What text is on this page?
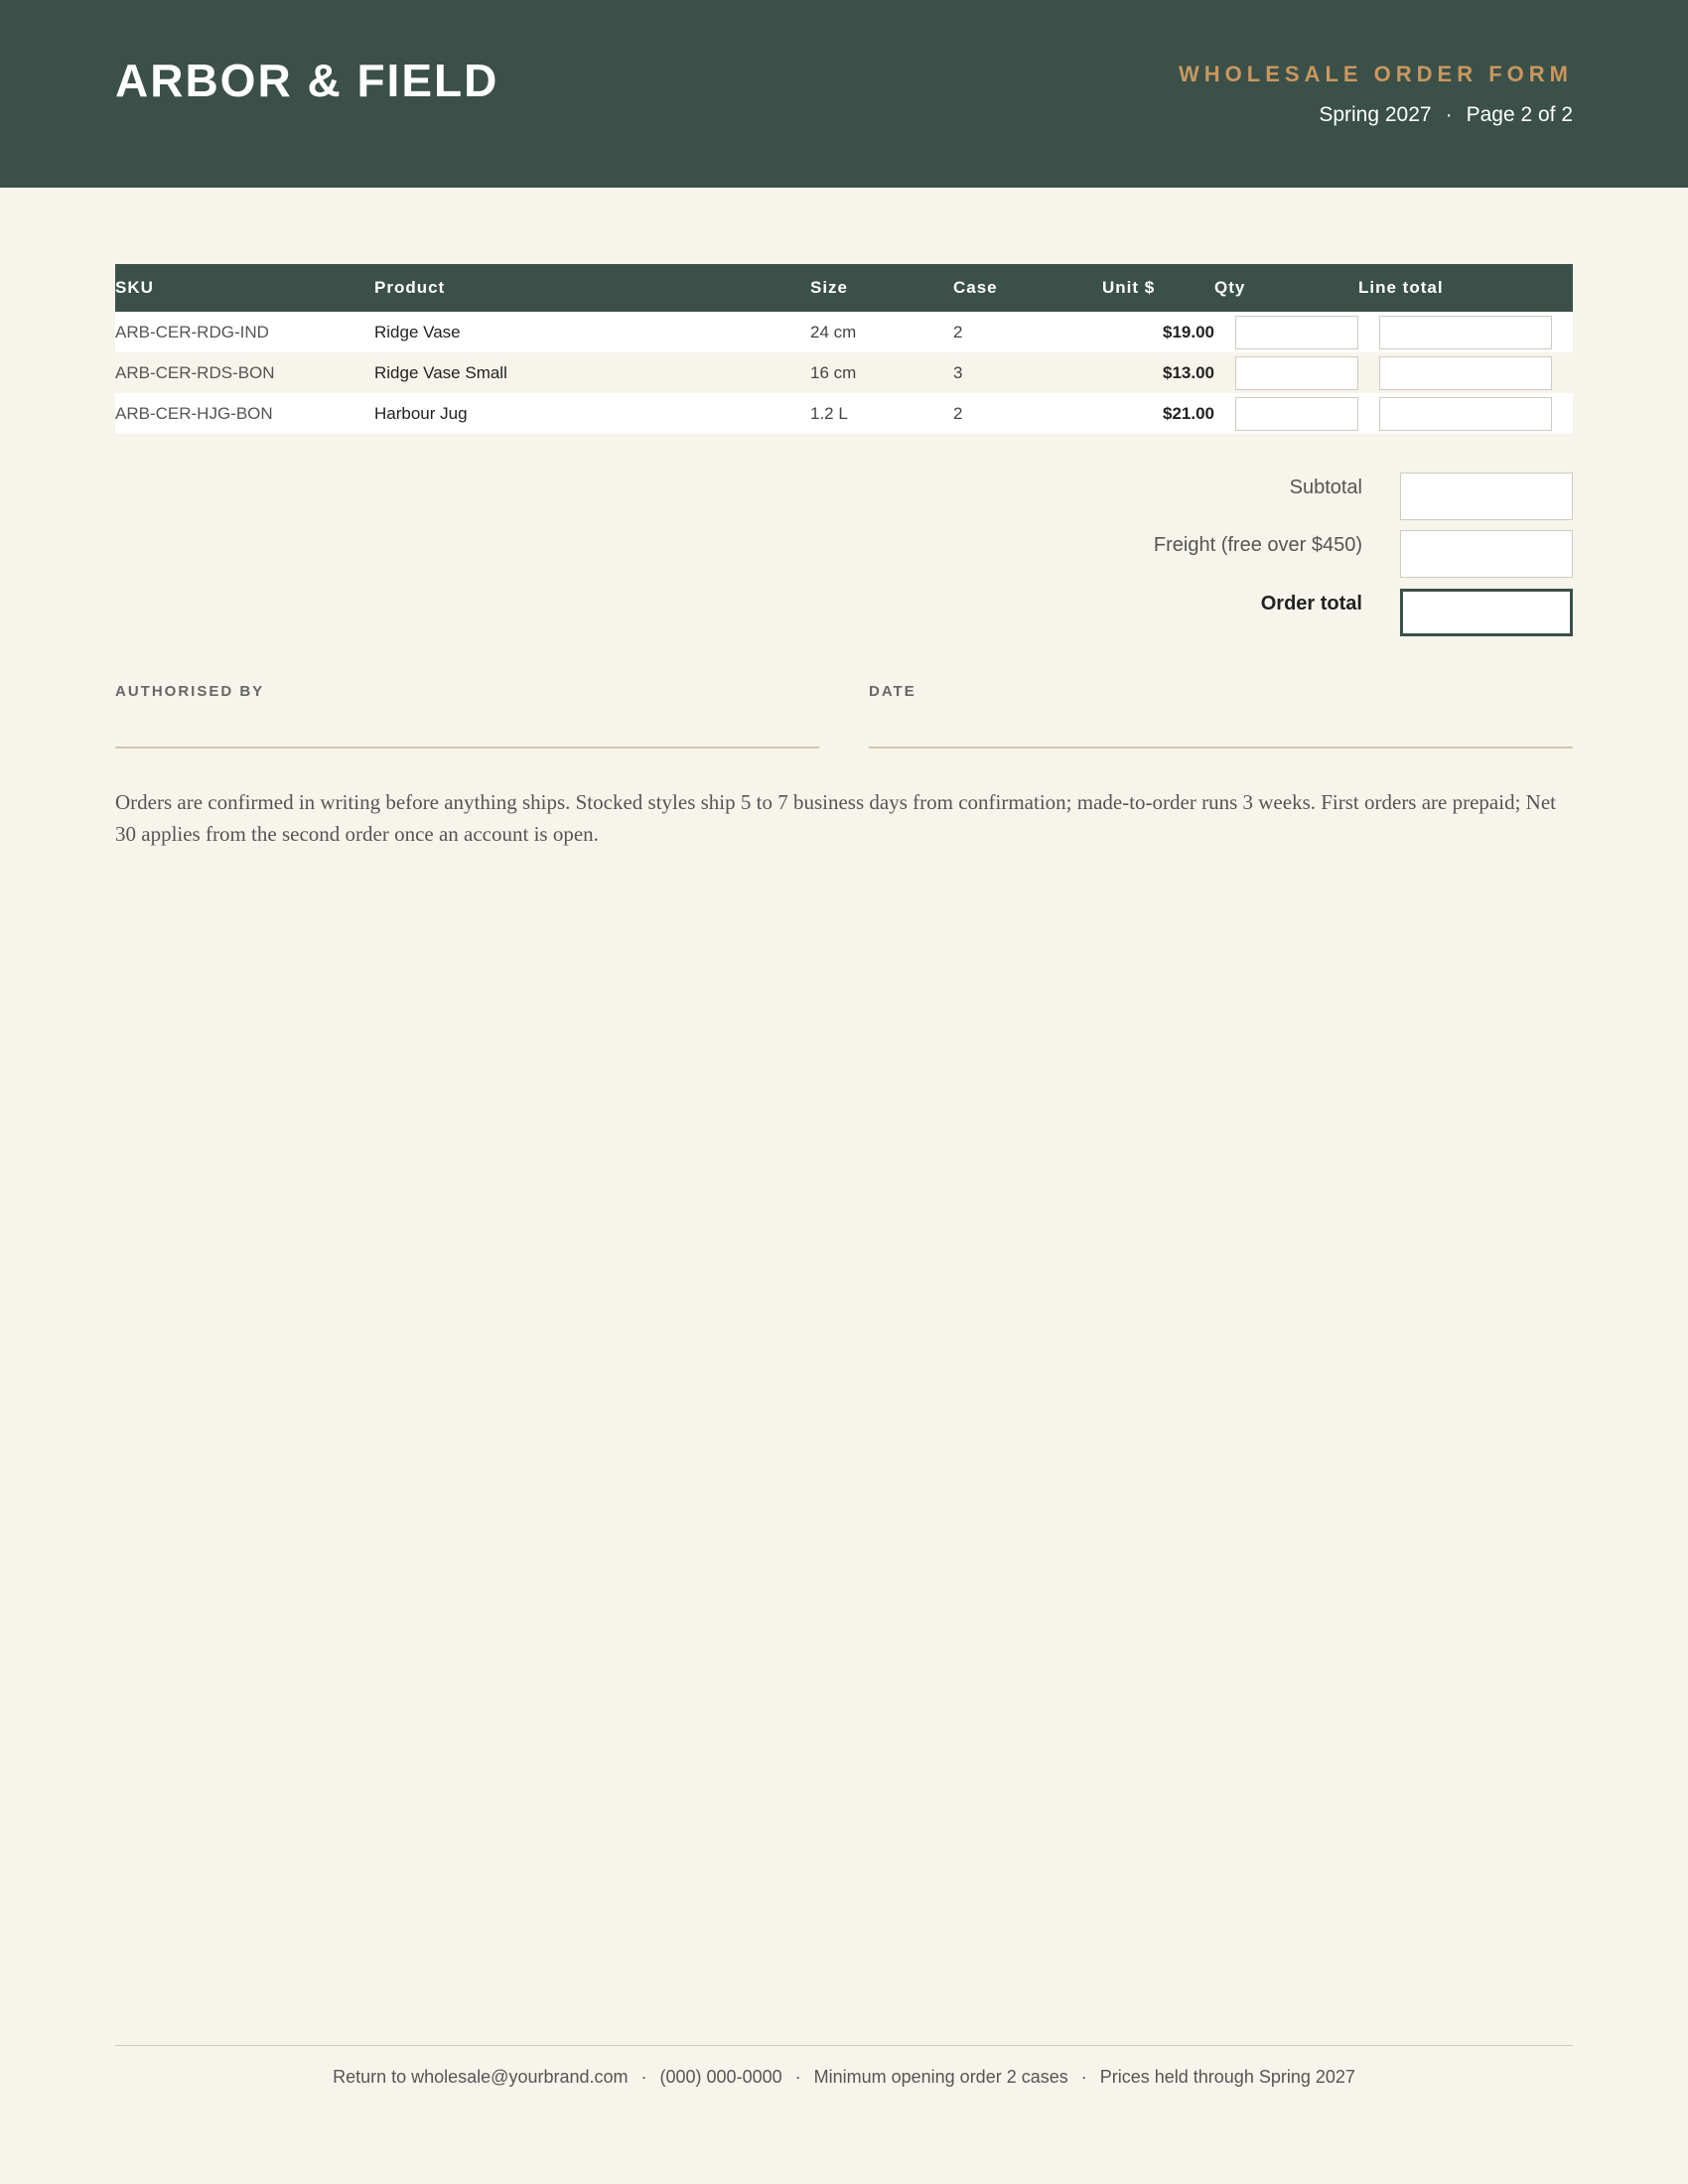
ARBOR & FIELD	WHOLESALE ORDER FORM
Spring 2027 · Page 2 of 2
SKU	Product	Size	Case	Unit $	Qty	Line total
ARB-CER-RDG-IND	Ridge Vase	24 cm	2	$19.00	

ARB-CER-RDS-BON	Ridge Vase Small	16 cm	3	$13.00	

ARB-CER-HJG-BON	Harbour Jug	1.2 L	2	$21.00	

Subtotal
Freight (free over $450)
Order total
AUTHORISED BY	DATE
Orders are confirmed in writing before anything ships. Stocked styles ship 5 to 7 business days from confirmation; made-to-order runs 3 weeks. First orders are prepaid; Net 30 applies from the second order once an account is open.
Return to wholesale@yourbrand.com · (000) 000-0000 · Minimum opening order 2 cases · Prices held through Spring 2027
